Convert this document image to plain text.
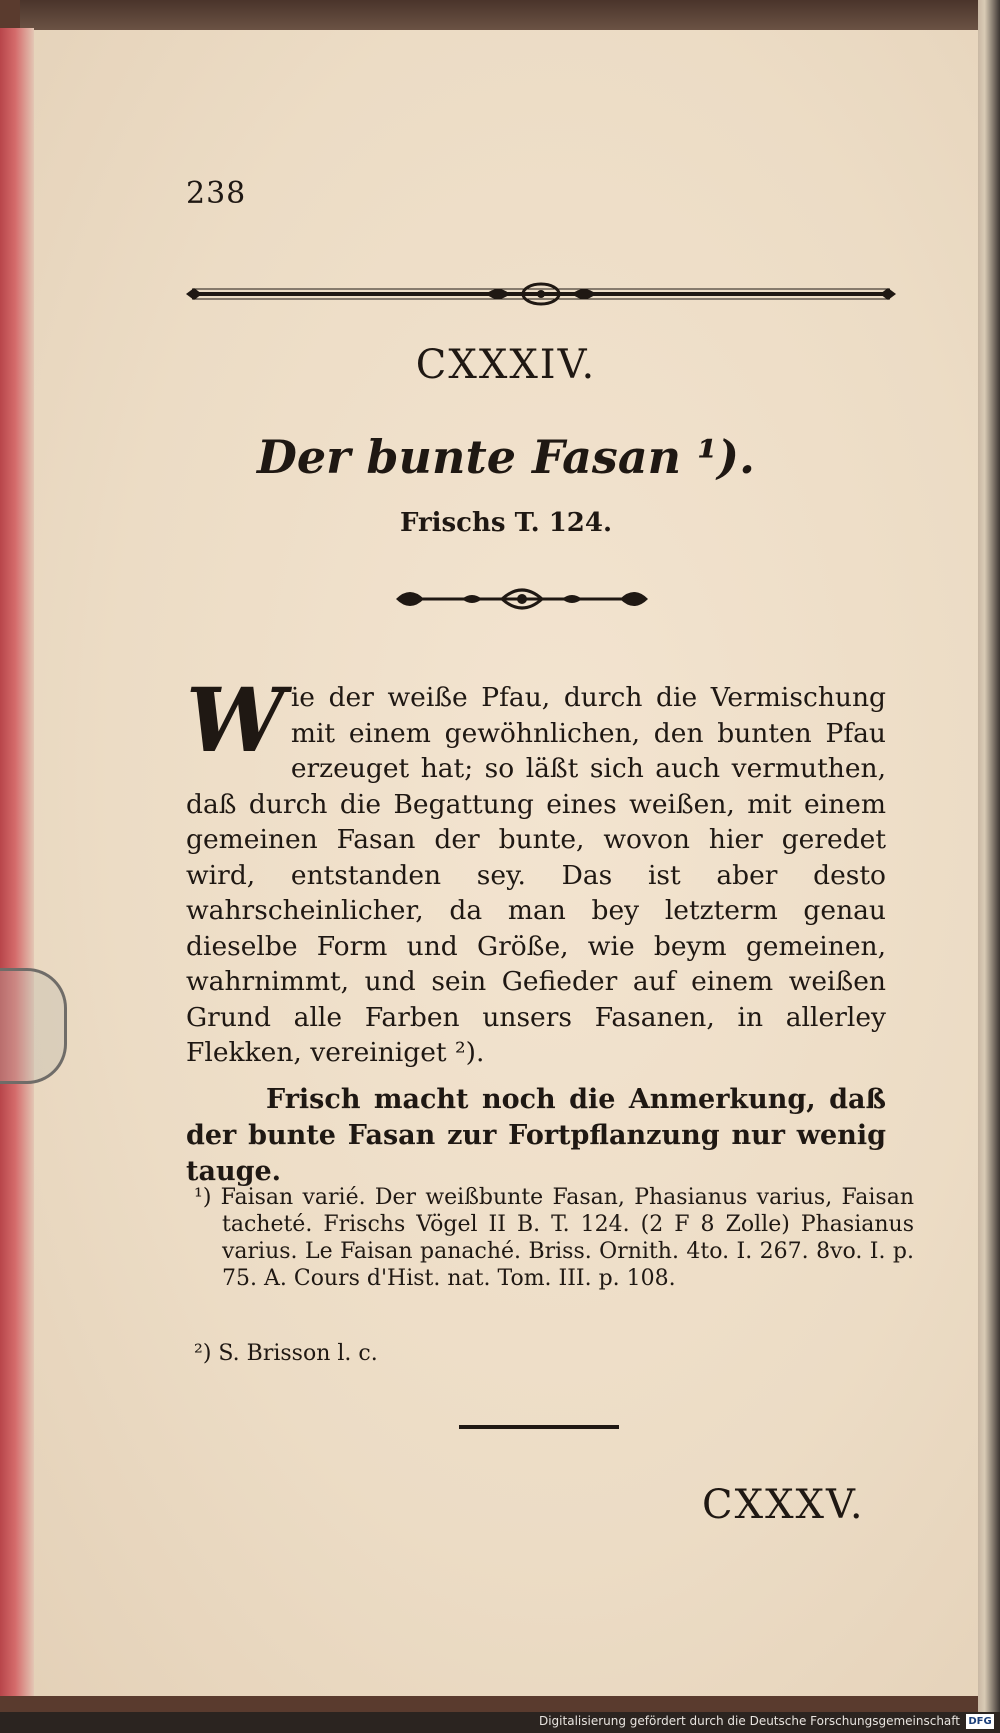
238
CXXXIV.
Der bunte Fasan ¹).
Frischs T. 124.
Wie der weiße Pfau, durch die Vermischung mit einem gewöhnlichen, den bunten Pfau erzeuget hat; so läßt sich auch vermuthen, daß durch die Begattung eines weißen, mit einem gemeinen Fasan der bunte, wovon hier geredet wird, entstanden sey. Das ist aber desto wahrscheinlicher, da man bey letzterm genau dieselbe Form und Größe, wie beym gemeinen, wahrnimmt, und sein Gefieder auf einem weißen Grund alle Farben unsers Fasanen, in allerley Flekken, vereiniget ²).
Frisch macht noch die Anmerkung, daß der bunte Fasan zur Fortpflanzung nur wenig tauge.
¹) Faisan varié. Der weißbunte Fasan, Phasianus varius, Faisan tacheté. Frischs Vögel II B. T. 124. (2 F 8 Zolle) Phasianus varius. Le Faisan panaché. Briss. Ornith. 4to. I. 267. 8vo. I. p. 75. A. Cours d'Hist. nat. Tom. III. p. 108.
²) S. Brisson l. c.
CXXXV.
Digitalisierung gefördert durch die Deutsche Forschungsgemeinschaft DFG
